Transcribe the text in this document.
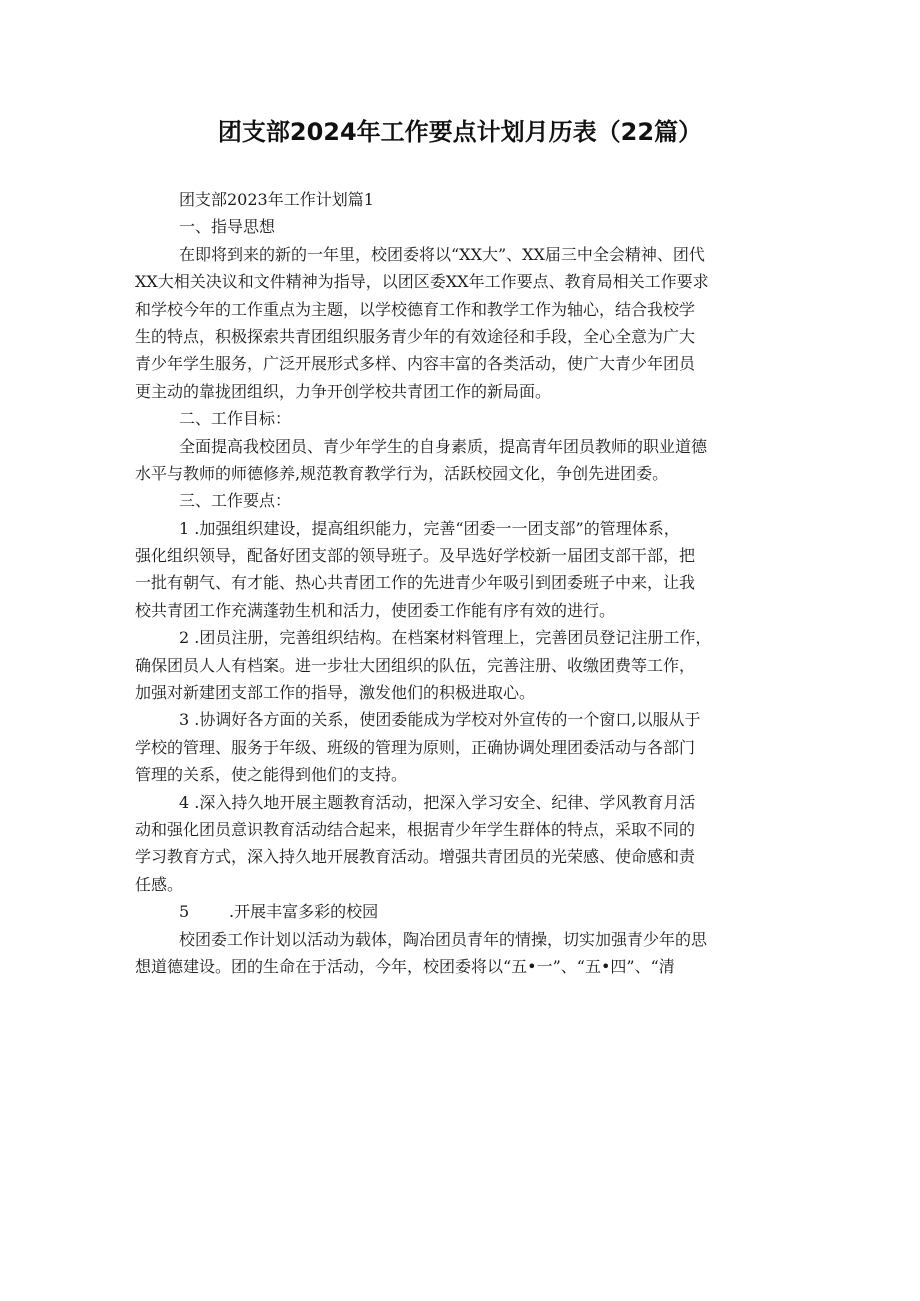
团支部2024年工作要点计划月历表（22篇）
团支部2023年工作计划篇1
一、指导思想
在即将到来的新的一年里，校团委将以“XX大”、XX届三中全会精神、团代
XX大相关决议和文件精神为指导，以团区委XX年工作要点、教育局相关工作要求
和学校今年的工作重点为主题，以学校德育工作和教学工作为轴心，结合我校学
生的特点，积极探索共青团组织服务青少年的有效途径和手段，全心全意为广大
青少年学生服务，广泛开展形式多样、内容丰富的各类活动，使广大青少年团员
更主动的靠拢团组织，力争开创学校共青团工作的新局面。
二、工作目标：
全面提高我校团员、青少年学生的自身素质，提高青年团员教师的职业道德
水平与教师的师德修养,规范教育教学行为，活跃校园文化，争创先进团委。
三、工作要点：
1 .加强组织建设，提高组织能力，完善“团委一一团支部”的管理体系，
强化组织领导，配备好团支部的领导班子。及早选好学校新一届团支部干部，把
一批有朝气、有才能、热心共青团工作的先进青少年吸引到团委班子中来，让我
校共青团工作充满蓬勃生机和活力，使团委工作能有序有效的进行。
2 .团员注册，完善组织结构。在档案材料管理上，完善团员登记注册工作，
确保团员人人有档案。进一步壮大团组织的队伍，完善注册、收缴团费等工作，
加强对新建团支部工作的指导，激发他们的积极进取心。
3 .协调好各方面的关系，使团委能成为学校对外宣传的一个窗口,以服从于
学校的管理、服务于年级、班级的管理为原则，正确协调处理团委活动与各部门
管理的关系，使之能得到他们的支持。
4 .深入持久地开展主题教育活动，把深入学习安全、纪律、学风教育月活
动和强化团员意识教育活动结合起来，根据青少年学生群体的特点，采取不同的
学习教育方式，深入持久地开展教育活动。增强共青团员的光荣感、使命感和责
任感。
5 .开展丰富多彩的校园
校团委工作计划以活动为载体，陶冶团员青年的情操，切实加强青少年的思
想道德建设。团的生命在于活动，今年，校团委将以“五•一”、“五•四”、“清
